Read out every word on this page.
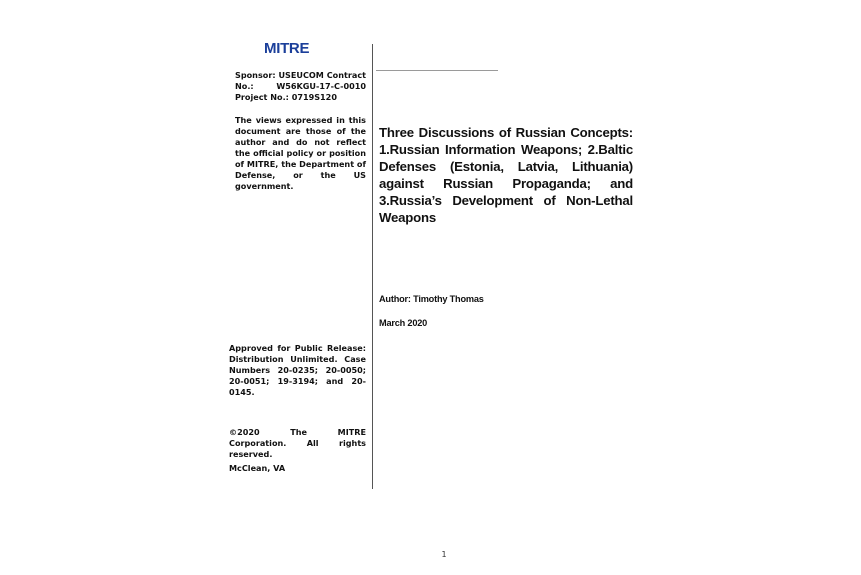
MITRE

Sponsor: USEUCOM Contract No.: W56KGU-17-C-0010 Project No.: 0719S120

The views expressed in this document are those of the author and do not reflect the official policy or position of MITRE, the Department of Defense, or the US government.

Approved for Public Release: Distribution Unlimited. Case Numbers 20-0235; 20-0050; 20-0051; 19-3194; and 20-0145.

©2020 The MITRE Corporation. All rights reserved.

McClean, VA

Three Discussions of Russian Concepts: 1.Russian Information Weapons; 2.Baltic Defenses (Estonia, Latvia, Lithuania) against Russian Propaganda; and 3.Russia’s Development of Non-Lethal Weapons

Author: Timothy Thomas

March 2020

1
